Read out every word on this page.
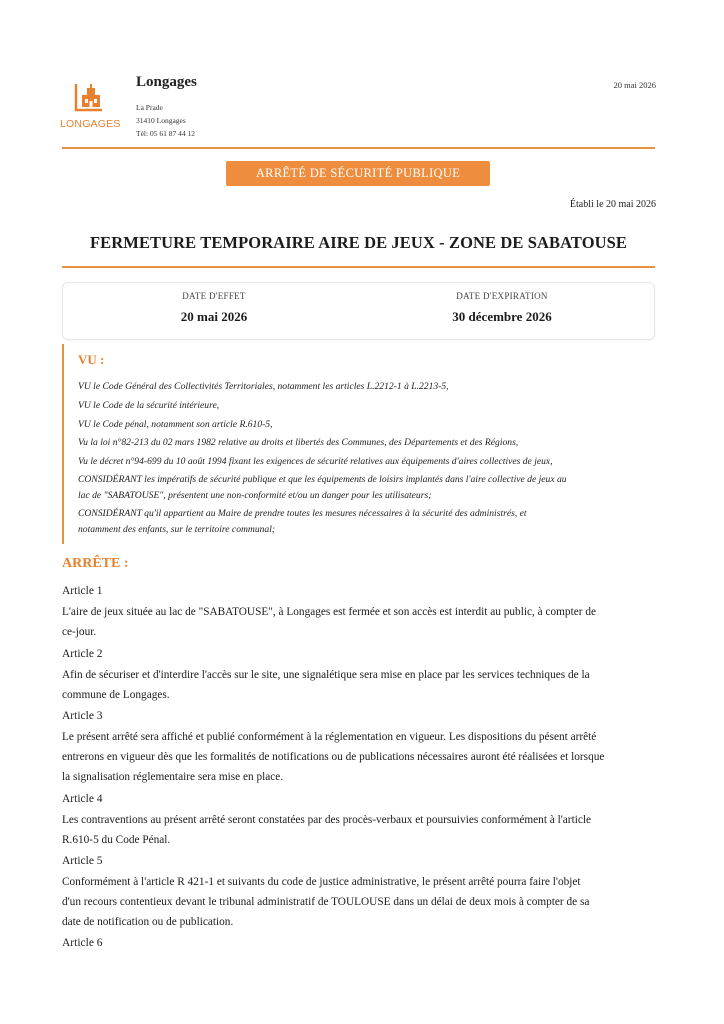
LONGAGES
Longages
La Prade
31410 Longages
Tél: 05 61 87 44 12
20 mai 2026
ARRÊTÉ DE SÉCURITÉ PUBLIQUE
Établi le 20 mai 2026
FERMETURE TEMPORAIRE AIRE DE JEUX - ZONE DE SABATOUSE
DATE D'EFFET
20 mai 2026
DATE D'EXPIRATION
30 décembre 2026
VU :
VU le Code Général des Collectivités Territoriales, notamment les articles L.2212-1 à L.2213-5,
VU le Code de la sécurité intérieure,
VU le Code pénal, notamment son article R.610-5,
Vu la loi n°82-213 du 02 mars 1982 relative au droits et libertés des Communes, des Départements et des Régions,
Vu le décret n°94-699 du 10 août 1994 fixant les exigences de sécurité relatives aux équipements d'aires collectives de jeux,
CONSIDÉRANT les impératifs de sécurité publique et que les équipements de loisirs implantés dans l'aire collective de jeux au
lac de "SABATOUSE", présentent une non-conformité et/ou un danger pour les utilisateurs;
CONSIDÉRANT qu'il appartient au Maire de prendre toutes les mesures nécessaires à la sécurité des administrés, et
notamment des enfants, sur le territoire communal;
ARRÊTE :
Article 1
L'aire de jeux située au lac de "SABATOUSE", à Longages est fermée et son accès est interdit au public, à compter de
ce-jour.
Article 2
Afin de sécuriser et d'interdire l'accès sur le site, une signalétique sera mise en place par les services techniques de la
commune de Longages.
Article 3
Le présent arrêté sera affiché et publié conformément à la réglementation en vigueur. Les dispositions du pésent arrêté
entrerons en vigueur dès que les formalités de notifications ou de publications nécessaires auront été réalisées et lorsque
la signalisation réglementaire sera mise en place.
Article 4
Les contraventions au présent arrêté seront constatées par des procès-verbaux et poursuivies conformément à l'article
R.610-5 du Code Pénal.
Article 5
Conformément à l'article R 421-1 et suivants du code de justice administrative, le présent arrêté pourra faire l'objet
d'un recours contentieux devant le tribunal administratif de TOULOUSE dans un délai de deux mois à compter de sa
date de notification ou de publication.
Article 6
